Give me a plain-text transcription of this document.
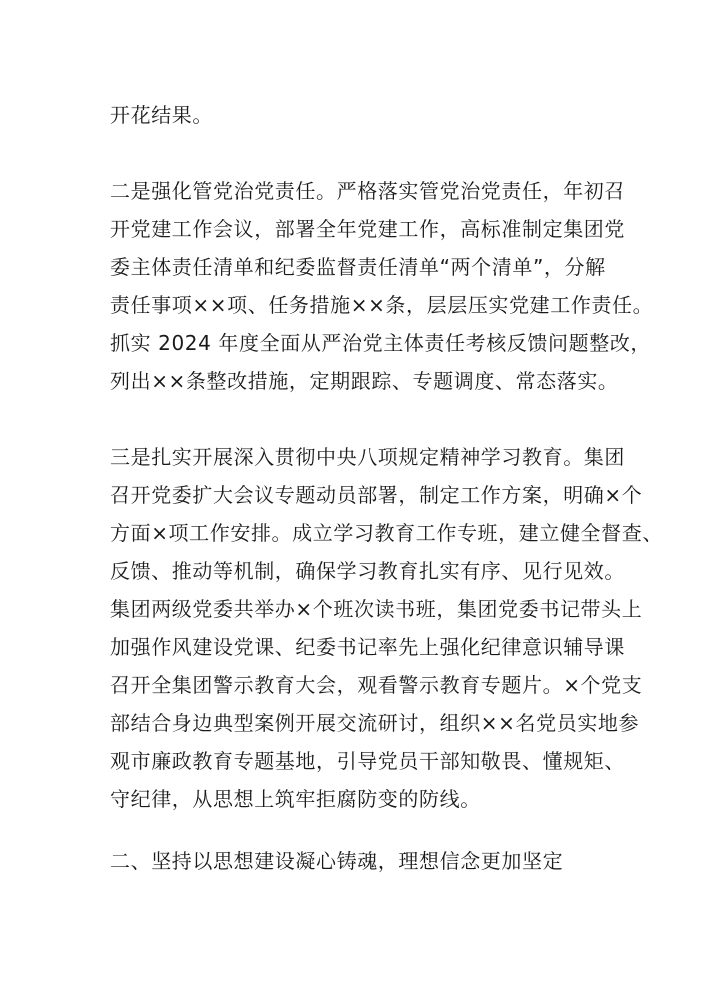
开花结果。
二是强化管党治党责任。严格落实管党治党责任，年初召
开党建工作会议，部署全年党建工作，高标准制定集团党
委主体责任清单和纪委监督责任清单“两个清单”，分解
责任事项××项、任务措施××条，层层压实党建工作责任。
抓实 2024 年度全面从严治党主体责任考核反馈问题整改，
列出××条整改措施，定期跟踪、专题调度、常态落实。
三是扎实开展深入贯彻中央八项规定精神学习教育。集团
召开党委扩大会议专题动员部署，制定工作方案，明确×个
方面×项工作安排。成立学习教育工作专班，建立健全督查、
反馈、推动等机制，确保学习教育扎实有序、见行见效。
集团两级党委共举办×个班次读书班，集团党委书记带头上
加强作风建设党课、纪委书记率先上强化纪律意识辅导课
召开全集团警示教育大会，观看警示教育专题片。×个党支
部结合身边典型案例开展交流研讨，组织××名党员实地参
观市廉政教育专题基地，引导党员干部知敬畏、懂规矩、
守纪律，从思想上筑牢拒腐防变的防线。
二、坚持以思想建设凝心铸魂，理想信念更加坚定
